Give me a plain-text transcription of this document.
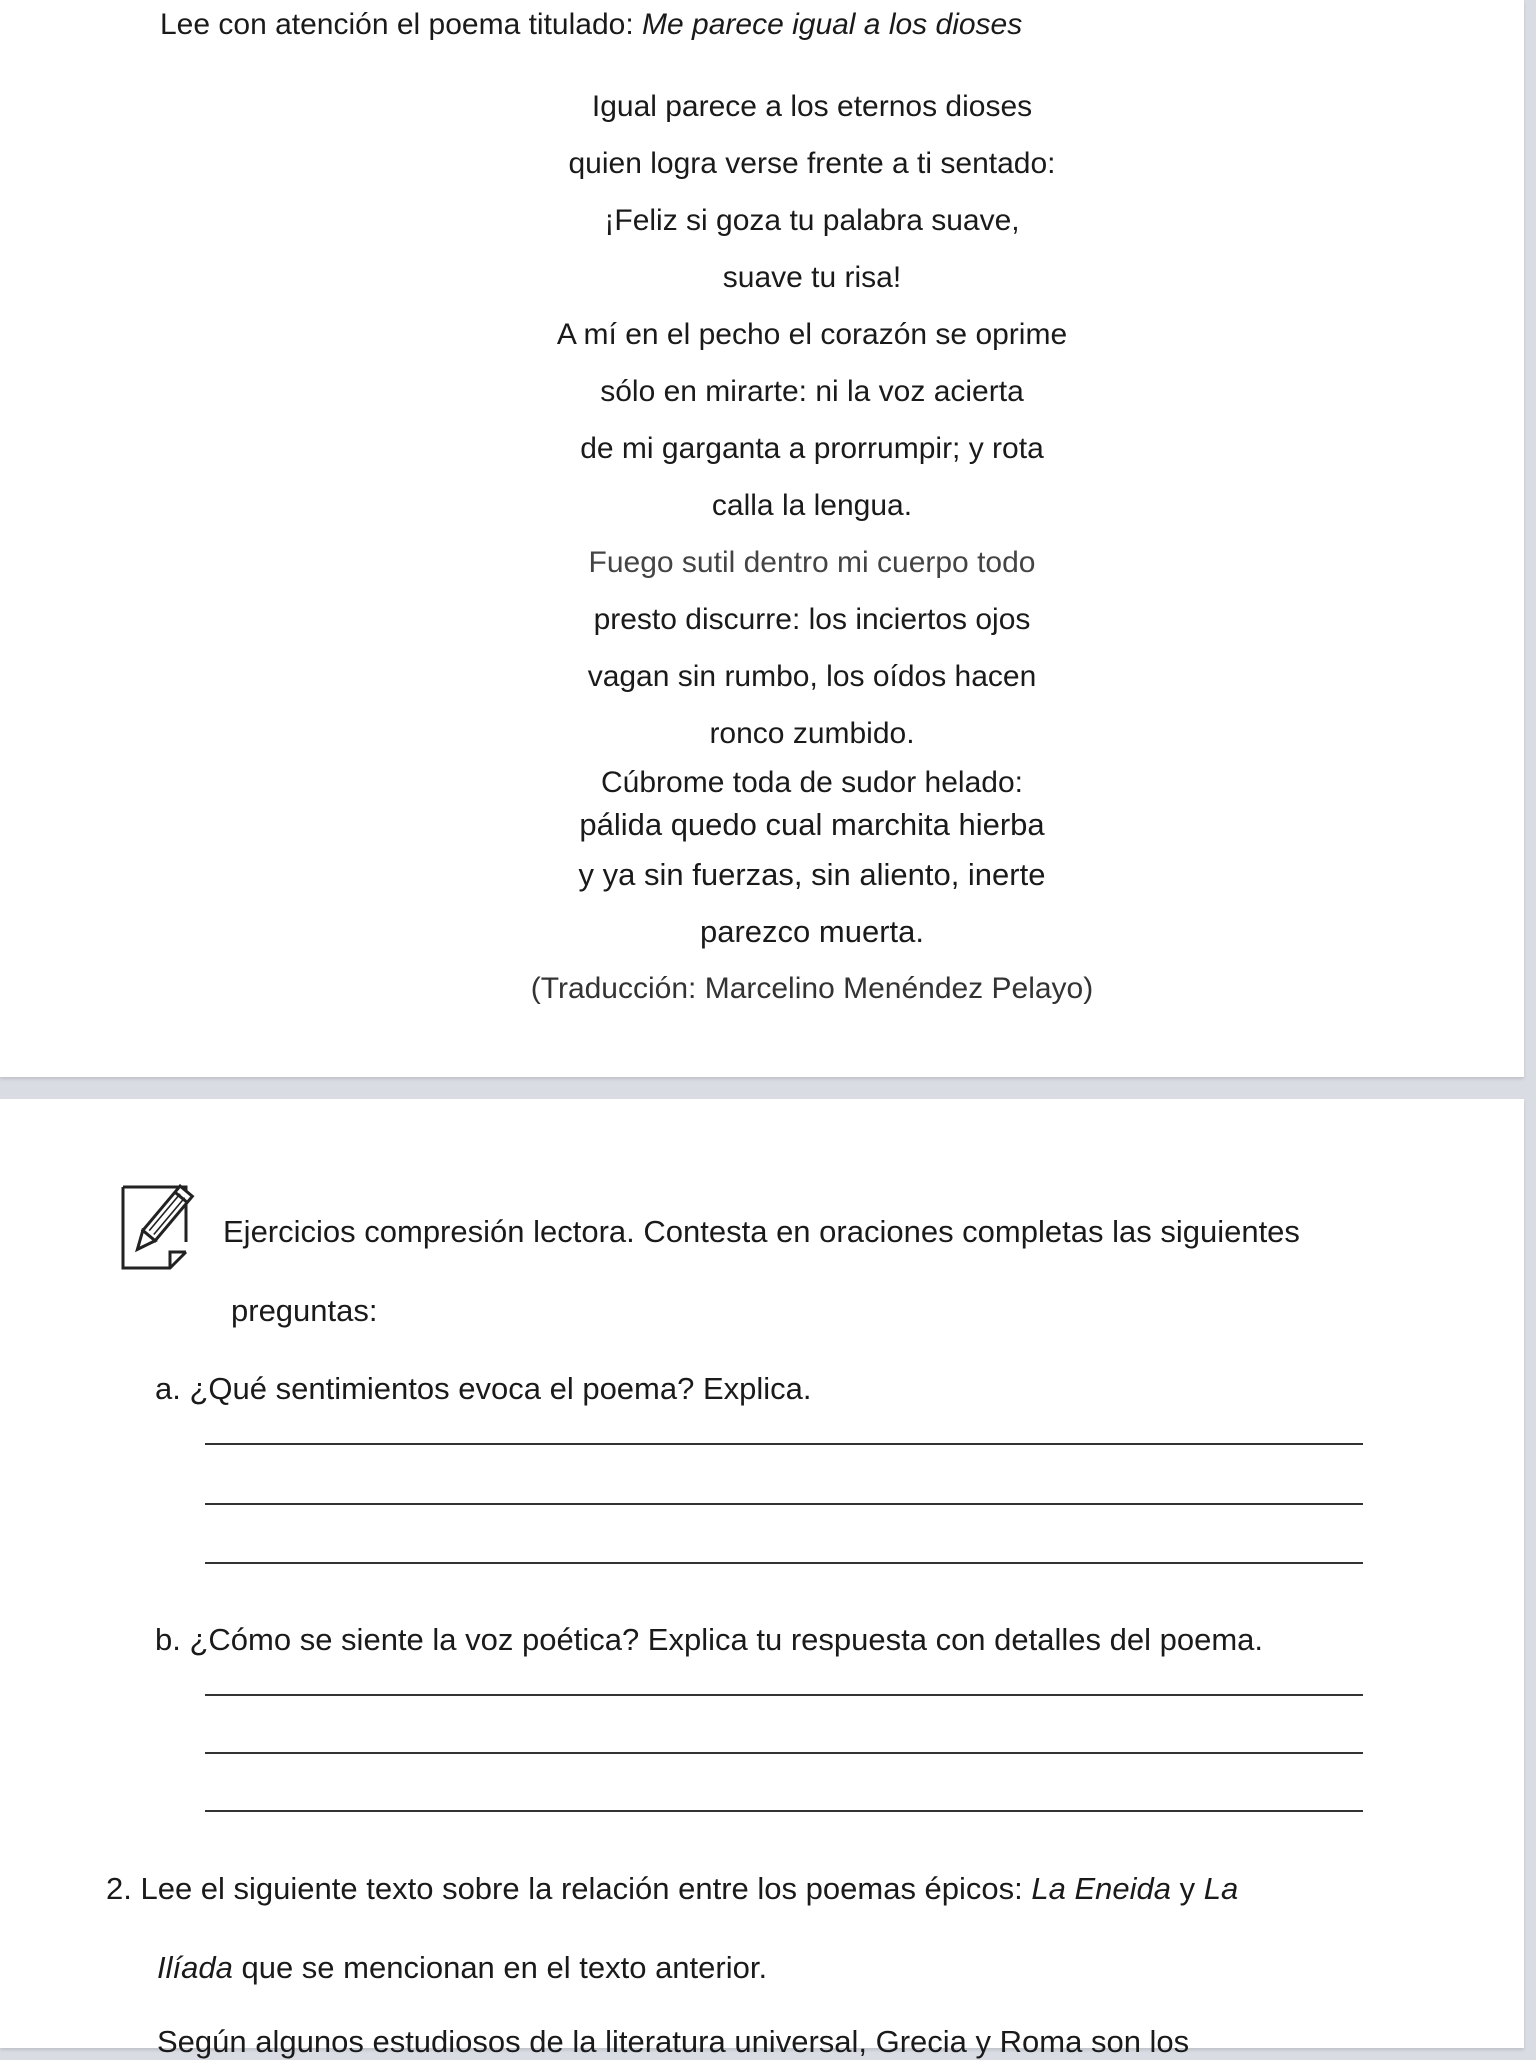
Lee con atención el poema titulado: Me parece igual a los dioses
Igual parece a los eternos dioses
quien logra verse frente a ti sentado:
¡Feliz si goza tu palabra suave,
suave tu risa!
A mí en el pecho el corazón se oprime
sólo en mirarte: ni la voz acierta
de mi garganta a prorrumpir; y rota
calla la lengua.
Fuego sutil dentro mi cuerpo todo
presto discurre: los inciertos ojos
vagan sin rumbo, los oídos hacen
ronco zumbido.
Cúbrome toda de sudor helado:
pálida quedo cual marchita hierba
y ya sin fuerzas, sin aliento, inerte
parezco muerta.
(Traducción: Marcelino Menéndez Pelayo)
Ejercicios compresión lectora. Contesta en oraciones completas las siguientes
preguntas:
a. ¿Qué sentimientos evoca el poema? Explica.
b. ¿Cómo se siente la voz poética? Explica tu respuesta con detalles del poema.
2. Lee el siguiente texto sobre la relación entre los poemas épicos: La Eneida y La
Ilíada que se mencionan en el texto anterior.
Según algunos estudiosos de la literatura universal, Grecia y Roma son los
